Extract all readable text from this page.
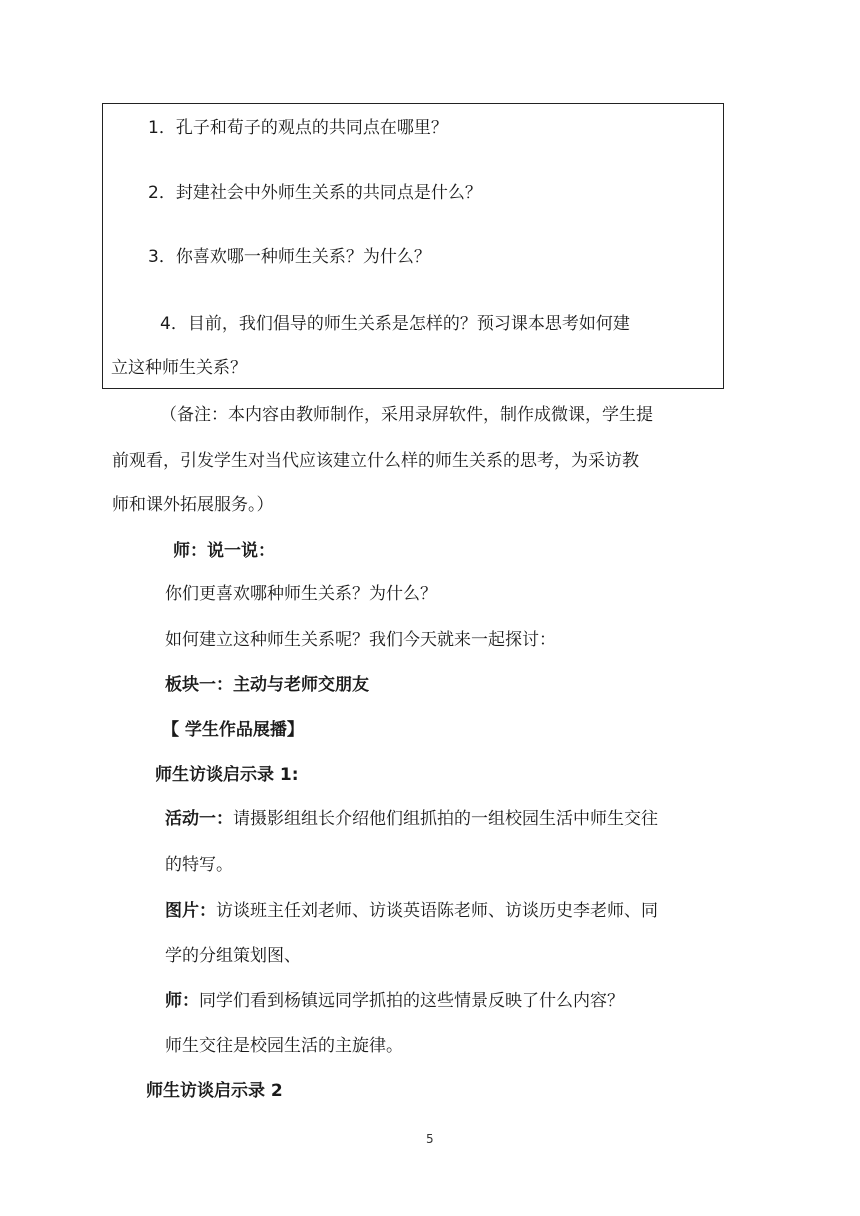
1．孔子和荀子的观点的共同点在哪里？
2．封建社会中外师生关系的共同点是什么？
3．你喜欢哪一种师生关系？为什么？
4．目前，我们倡导的师生关系是怎样的？预习课本思考如何建
立这种师生关系？
（备注：本内容由教师制作，采用录屏软件，制作成微课，学生提
前观看，引发学生对当代应该建立什么样的师生关系的思考，为采访教
师和课外拓展服务。）
师：说一说：
你们更喜欢哪种师生关系？为什么？
如何建立这种师生关系呢？我们今天就来一起探讨：
板块一：主动与老师交朋友
【 学生作品展播】
师生访谈启示录 1:
活动一：请摄影组组长介绍他们组抓拍的一组校园生活中师生交往
的特写。
图片：访谈班主任刘老师、访谈英语陈老师、访谈历史李老师、同
学的分组策划图、
师：同学们看到杨镇远同学抓拍的这些情景反映了什么内容？
师生交往是校园生活的主旋律。
师生访谈启示录 2
5
